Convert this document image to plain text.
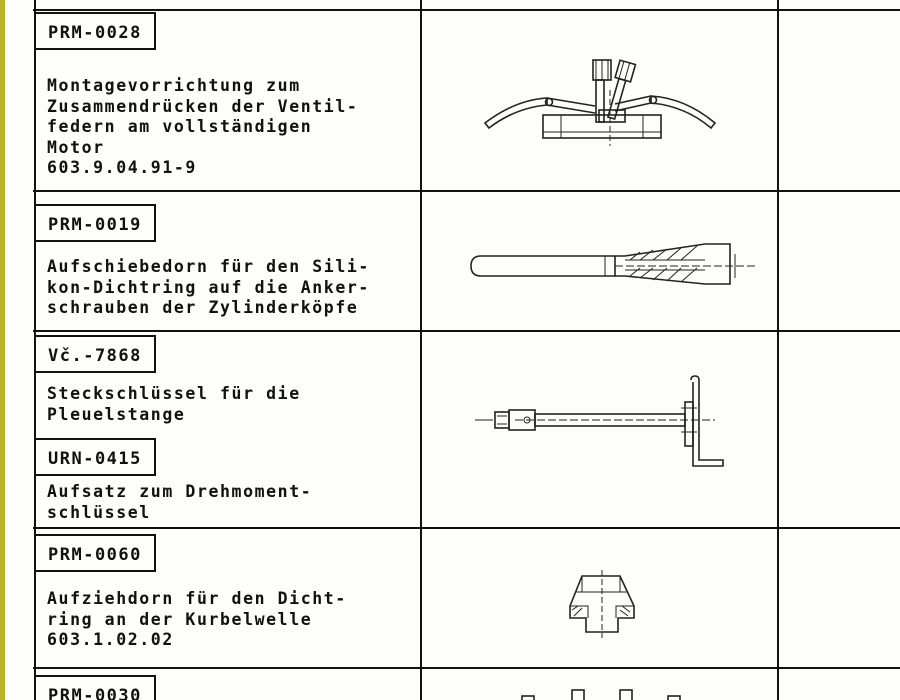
PRM-0028
Montagevorrichtung zum
Zusammendrücken der Ventil-
federn am vollständigen
Motor
603.9.04.91-9
PRM-0019
Aufschiebedorn für den Sili-
kon-Dichtring auf die Anker-
schrauben der Zylinderköpfe
Vč.-7868
Steckschlüssel für die
Pleuelstange
URN-0415
Aufsatz zum Drehmoment-
schlüssel
PRM-0060
Aufziehdorn für den Dicht-
ring an der Kurbelwelle
603.1.02.02
PRM-0030
